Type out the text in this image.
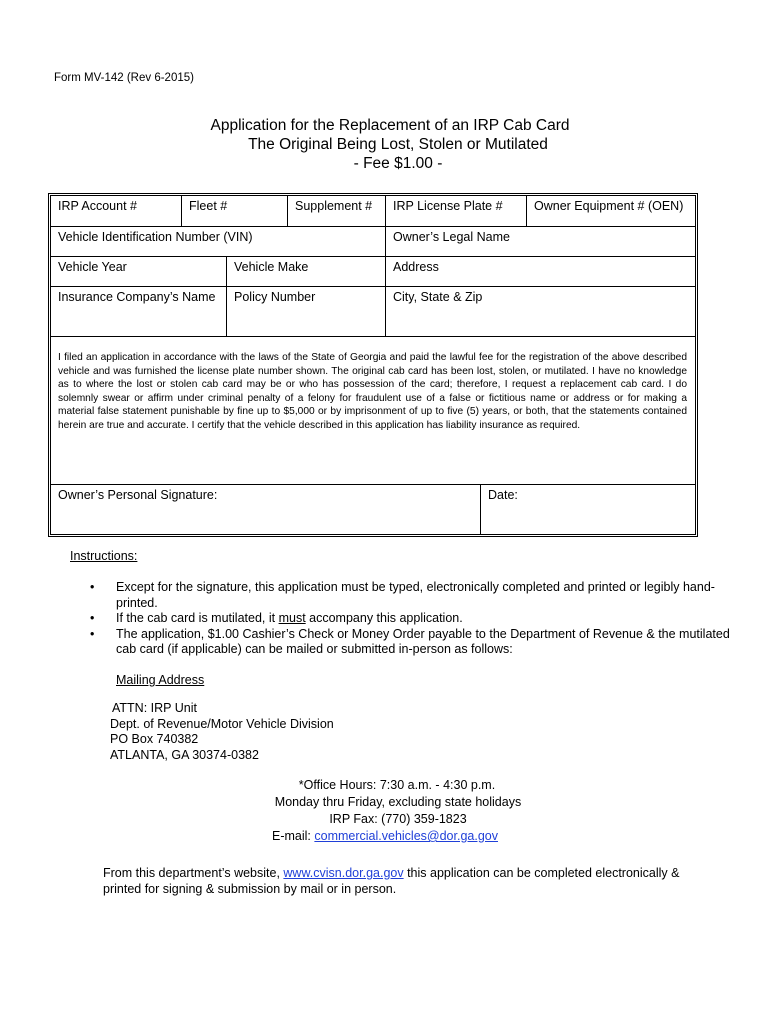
Form MV-142 (Rev 6-2015)
Application for the Replacement of an IRP Cab Card
The Original Being Lost, Stolen or Mutilated
- Fee $1.00 -
IRP Account #	Fleet #	Supplement #	IRP License Plate #	Owner Equipment # (OEN)
Vehicle Identification Number (VIN)	Owner’s Legal Name
Vehicle Year	Vehicle Make	Address
Insurance Company’s Name	Policy Number	City, State & Zip
I filed an application in accordance with the laws of the State of Georgia and paid the lawful fee for the registration of the above described vehicle and was furnished the license plate number shown. The original cab card has been lost, stolen, or mutilated. I have no knowledge as to where the lost or stolen cab card may be or who has possession of the card; therefore, I request a replacement cab card. I do solemnly swear or affirm under criminal penalty of a felony for fraudulent use of a false or fictitious name or address or for making a material false statement punishable by fine up to $5,000 or by imprisonment of up to five (5) years, or both, that the statements contained herein are true and accurate. I certify that the vehicle described in this application has liability insurance as required.
Owner’s Personal Signature:	Date:
Instructions:
• Except for the signature, this application must be typed, electronically completed and printed or legibly hand-printed.
• If the cab card is mutilated, it must accompany this application.
• The application, $1.00 Cashier’s Check or Money Order payable to the Department of Revenue & the mutilated cab card (if applicable) can be mailed or submitted in-person as follows:
Mailing Address
ATTN: IRP Unit
Dept. of Revenue/Motor Vehicle Division
PO Box 740382
ATLANTA, GA 30374-0382
*Office Hours: 7:30 a.m. - 4:30 p.m.
Monday thru Friday, excluding state holidays
IRP Fax: (770) 359-1823
E-mail: commercial.vehicles@dor.ga.gov
From this department’s website, www.cvisn.dor.ga.gov this application can be completed electronically & printed for signing & submission by mail or in person.
